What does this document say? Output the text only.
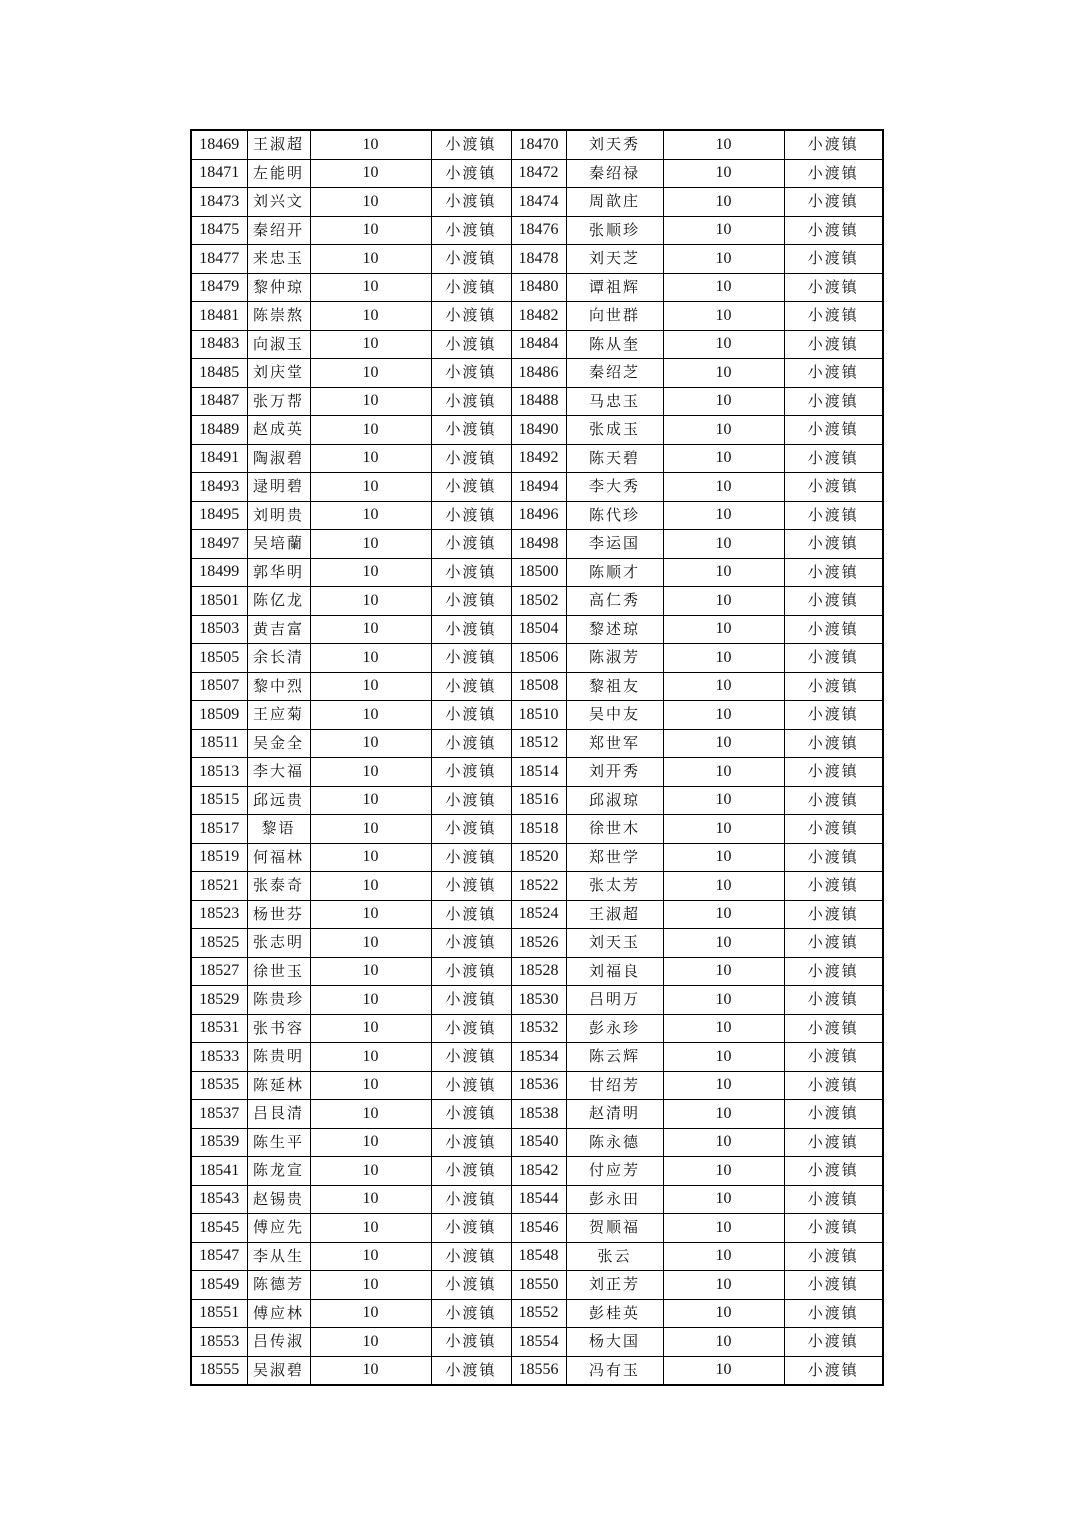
18469	王淑超	10	小渡镇	18470	刘天秀	10	小渡镇
18471	左能明	10	小渡镇	18472	秦绍禄	10	小渡镇
18473	刘兴文	10	小渡镇	18474	周歆庄	10	小渡镇
18475	秦绍开	10	小渡镇	18476	张顺珍	10	小渡镇
18477	来忠玉	10	小渡镇	18478	刘天芝	10	小渡镇
18479	黎仲琼	10	小渡镇	18480	谭祖辉	10	小渡镇
18481	陈崇熬	10	小渡镇	18482	向世群	10	小渡镇
18483	向淑玉	10	小渡镇	18484	陈从奎	10	小渡镇
18485	刘庆堂	10	小渡镇	18486	秦绍芝	10	小渡镇
18487	张万帮	10	小渡镇	18488	马忠玉	10	小渡镇
18489	赵成英	10	小渡镇	18490	张成玉	10	小渡镇
18491	陶淑碧	10	小渡镇	18492	陈天碧	10	小渡镇
18493	逯明碧	10	小渡镇	18494	李大秀	10	小渡镇
18495	刘明贵	10	小渡镇	18496	陈代珍	10	小渡镇
18497	吴培蘭	10	小渡镇	18498	李运国	10	小渡镇
18499	郭华明	10	小渡镇	18500	陈顺才	10	小渡镇
18501	陈亿龙	10	小渡镇	18502	高仁秀	10	小渡镇
18503	黄吉富	10	小渡镇	18504	黎述琼	10	小渡镇
18505	余长清	10	小渡镇	18506	陈淑芳	10	小渡镇
18507	黎中烈	10	小渡镇	18508	黎祖友	10	小渡镇
18509	王应菊	10	小渡镇	18510	吴中友	10	小渡镇
18511	吴金全	10	小渡镇	18512	郑世军	10	小渡镇
18513	李大福	10	小渡镇	18514	刘开秀	10	小渡镇
18515	邱远贵	10	小渡镇	18516	邱淑琼	10	小渡镇
18517	黎语	10	小渡镇	18518	徐世木	10	小渡镇
18519	何福林	10	小渡镇	18520	郑世学	10	小渡镇
18521	张泰奇	10	小渡镇	18522	张太芳	10	小渡镇
18523	杨世芬	10	小渡镇	18524	王淑超	10	小渡镇
18525	张志明	10	小渡镇	18526	刘天玉	10	小渡镇
18527	徐世玉	10	小渡镇	18528	刘福良	10	小渡镇
18529	陈贵珍	10	小渡镇	18530	吕明万	10	小渡镇
18531	张书容	10	小渡镇	18532	彭永珍	10	小渡镇
18533	陈贵明	10	小渡镇	18534	陈云辉	10	小渡镇
18535	陈延林	10	小渡镇	18536	甘绍芳	10	小渡镇
18537	吕艮清	10	小渡镇	18538	赵清明	10	小渡镇
18539	陈生平	10	小渡镇	18540	陈永德	10	小渡镇
18541	陈龙宣	10	小渡镇	18542	付应芳	10	小渡镇
18543	赵锡贵	10	小渡镇	18544	彭永田	10	小渡镇
18545	傅应先	10	小渡镇	18546	贺顺福	10	小渡镇
18547	李从生	10	小渡镇	18548	张云	10	小渡镇
18549	陈德芳	10	小渡镇	18550	刘正芳	10	小渡镇
18551	傅应林	10	小渡镇	18552	彭桂英	10	小渡镇
18553	吕传淑	10	小渡镇	18554	杨大国	10	小渡镇
18555	吴淑碧	10	小渡镇	18556	冯有玉	10	小渡镇
